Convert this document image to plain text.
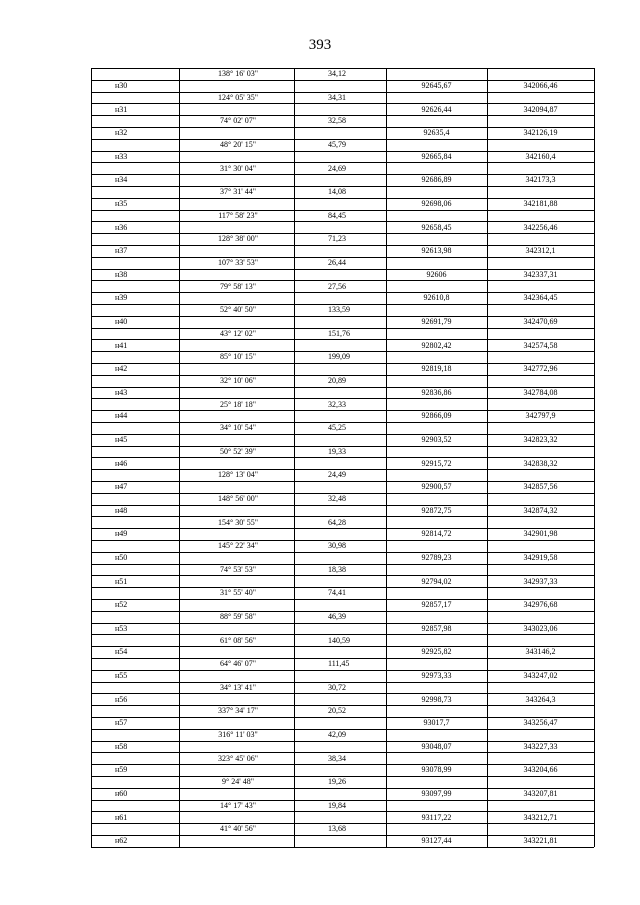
393
138° 16' 03"	34,12
н30	92645,67	342066,46
124° 05' 35"	34,31
н31	92626,44	342094,87
74° 02' 07"	32,58
н32	92635,4	342126,19
48° 20' 15"	45,79
н33	92665,84	342160,4
31° 30' 04"	24,69
н34	92686,89	342173,3
37° 31' 44"	14,08
н35	92698,06	342181,88
117° 58' 23"	84,45
н36	92658,45	342256,46
128° 38' 00"	71,23
н37	92613,98	342312,1
107° 33' 53"	26,44
н38	92606	342337,31
79° 58' 13"	27,56
н39	92610,8	342364,45
52° 40' 50"	133,59
н40	92691,79	342470,69
43° 12' 02"	151,76
н41	92802,42	342574,58
85° 10' 15"	199,09
н42	92819,18	342772,96
32° 10' 06"	20,89
н43	92836,86	342784,08
25° 18' 18"	32,33
н44	92866,09	342797,9
34° 10' 54"	45,25
н45	92903,52	342823,32
50° 52' 39"	19,33
н46	92915,72	342838,32
128° 13' 04"	24,49
н47	92900,57	342857,56
148° 56' 00"	32,48
н48	92872,75	342874,32
154° 30' 55"	64,28
н49	92814,72	342901,98
145° 22' 34"	30,98
н50	92789,23	342919,58
74° 53' 53"	18,38
н51	92794,02	342937,33
31° 55' 40"	74,41
н52	92857,17	342976,68
88° 59' 58"	46,39
н53	92857,98	343023,06
61° 08' 56"	140,59
н54	92925,82	343146,2
64° 46' 07"	111,45
н55	92973,33	343247,02
34° 13' 41"	30,72
н56	92998,73	343264,3
337° 34' 17"	20,52
н57	93017,7	343256,47
316° 11' 03"	42,09
н58	93048,07	343227,33
323° 45' 06"	38,34
н59	93078,99	343204,66
9° 24' 48"	19,26
н60	93097,99	343207,81
14° 17' 43"	19,84
н61	93117,22	343212,71
41° 40' 56"	13,68
н62	93127,44	343221,81
